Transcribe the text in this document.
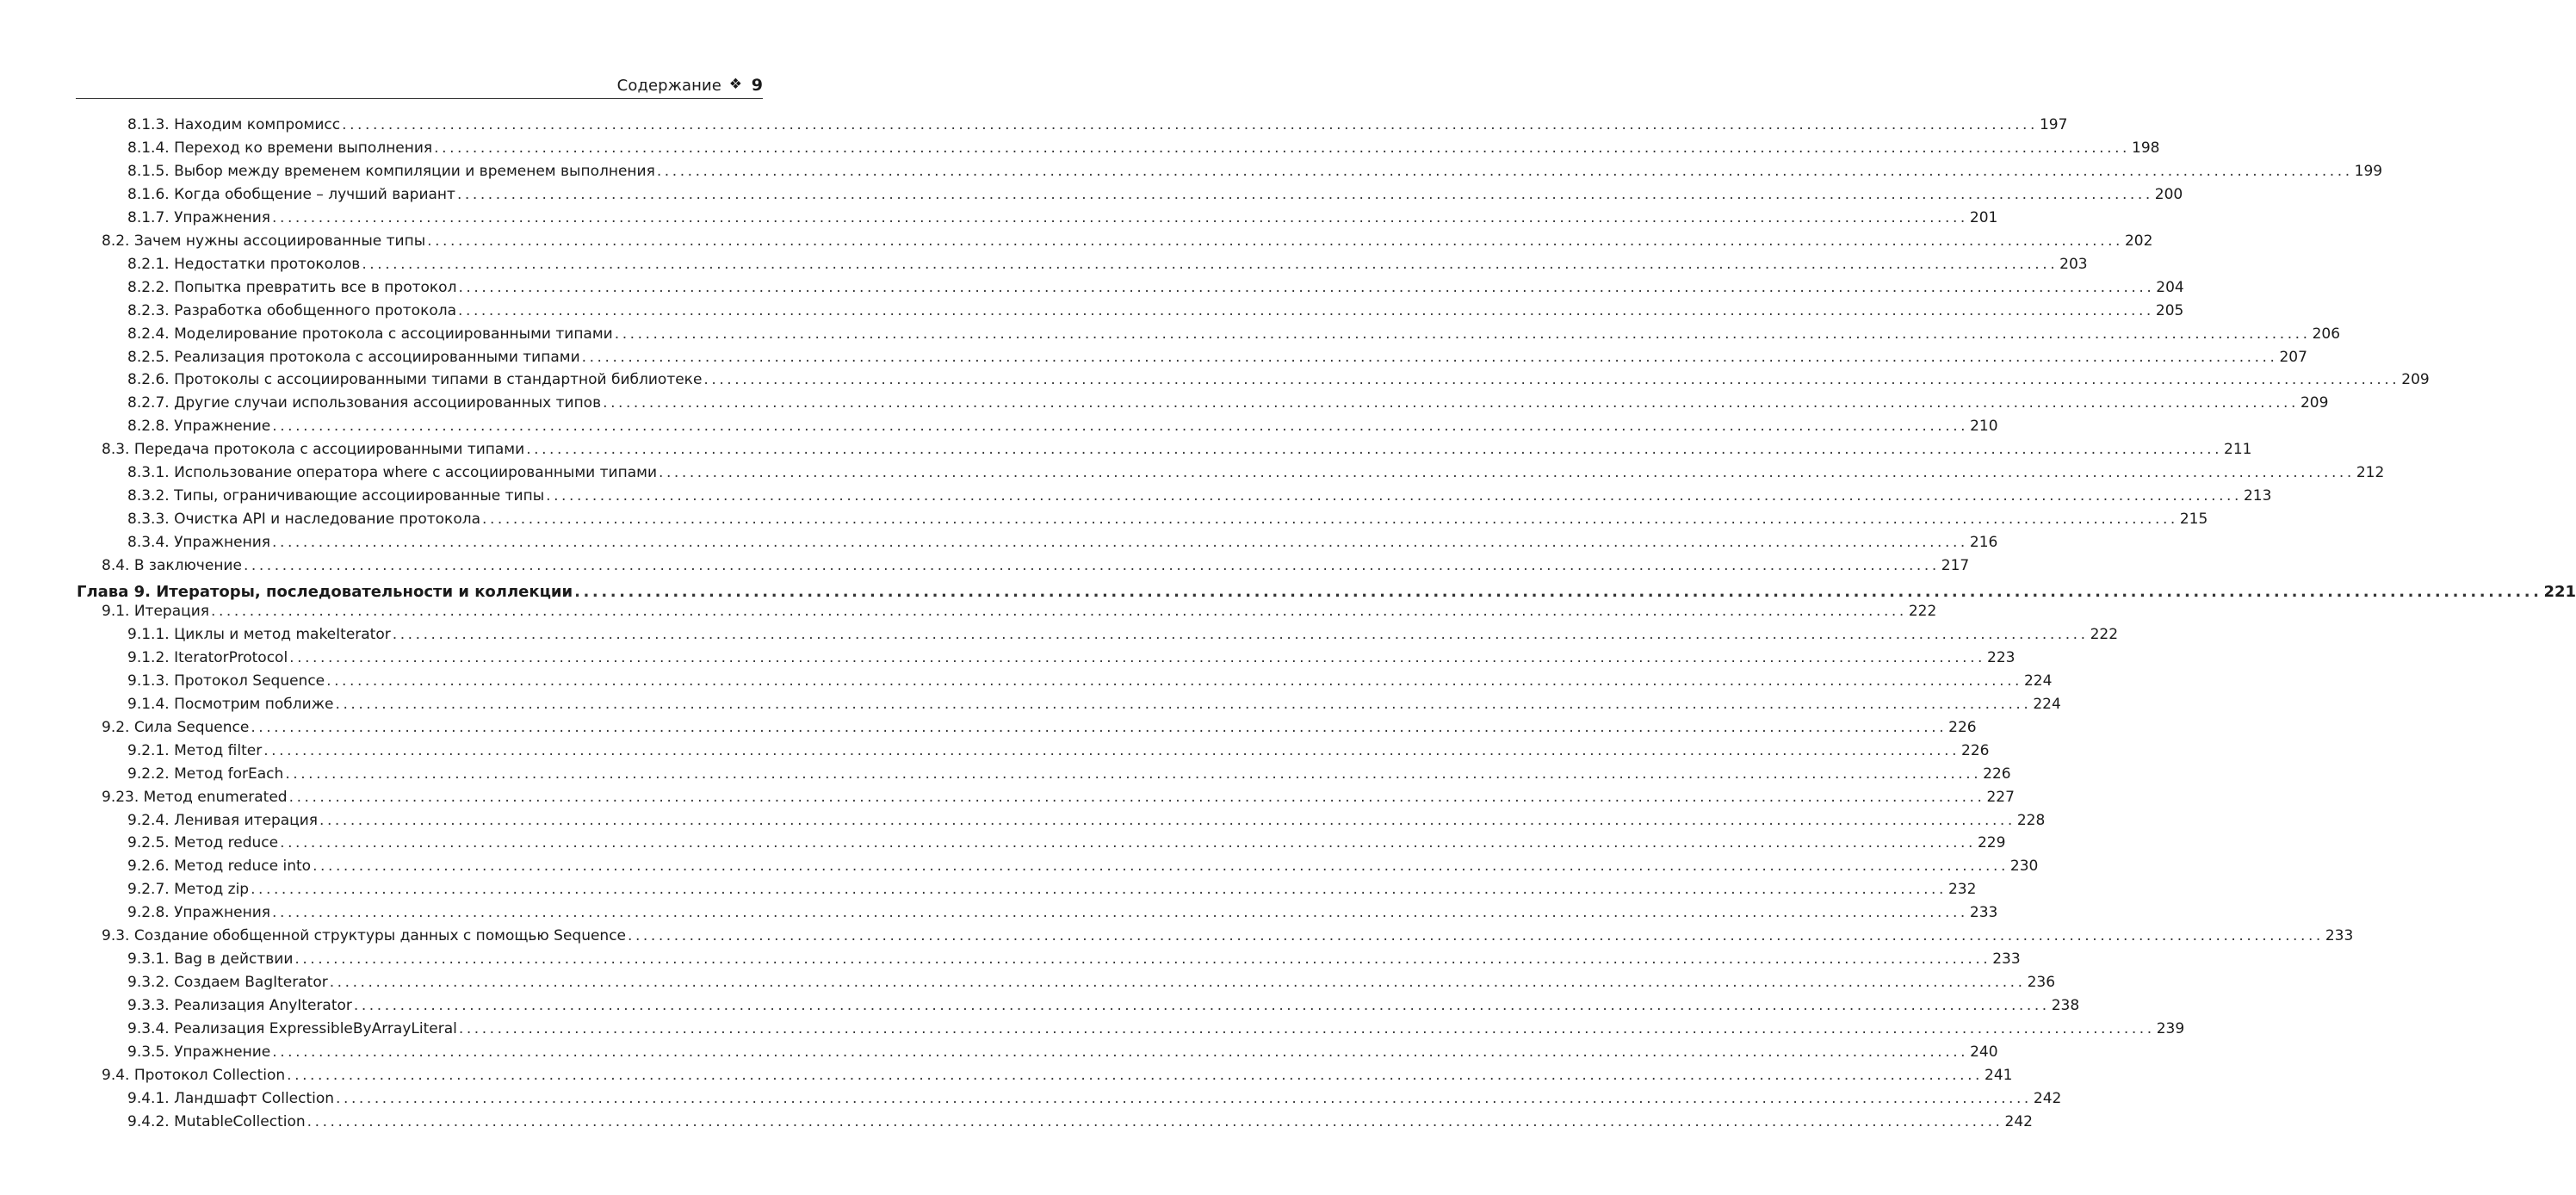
Содержание ❖ 9
8.1.3. Находим компромисс ............................................................................................................................................................................................................................ 197
8.1.4. Переход ко времени выполнения ............................................................................................................................................................................................................................ 198
8.1.5. Выбор между временем компиляции и временем выполнения ............................................................................................................................................................................................................................ 199
8.1.6. Когда обобщение – лучший вариант ............................................................................................................................................................................................................................ 200
8.1.7. Упражнения ............................................................................................................................................................................................................................ 201
8.2. Зачем нужны ассоциированные типы ............................................................................................................................................................................................................................ 202
8.2.1. Недостатки протоколов ............................................................................................................................................................................................................................ 203
8.2.2. Попытка превратить все в протокол ............................................................................................................................................................................................................................ 204
8.2.3. Разработка обобщенного протокола ............................................................................................................................................................................................................................ 205
8.2.4. Моделирование протокола с ассоциированными типами ............................................................................................................................................................................................................................ 206
8.2.5. Реализация протокола с ассоциированными типами ............................................................................................................................................................................................................................ 207
8.2.6. Протоколы с ассоциированными типами в стандартной библиотеке ............................................................................................................................................................................................................................ 209
8.2.7. Другие случаи использования ассоциированных типов ............................................................................................................................................................................................................................ 209
8.2.8. Упражнение ............................................................................................................................................................................................................................ 210
8.3. Передача протокола с ассоциированными типами ............................................................................................................................................................................................................................ 211
8.3.1. Использование оператора where с ассоциированными типами ............................................................................................................................................................................................................................ 212
8.3.2. Типы, ограничивающие ассоциированные типы ............................................................................................................................................................................................................................ 213
8.3.3. Очистка API и наследование протокола ............................................................................................................................................................................................................................ 215
8.3.4. Упражнения ............................................................................................................................................................................................................................ 216
8.4. В заключение ............................................................................................................................................................................................................................ 217
Глава 9. Итераторы, последовательности и коллекции ............................................................................................................................................................................................................................ 221
9.1. Итерация ............................................................................................................................................................................................................................ 222
9.1.1. Циклы и метод makeIterator ............................................................................................................................................................................................................................ 222
9.1.2. IteratorProtocol ............................................................................................................................................................................................................................ 223
9.1.3. Протокол Sequence ............................................................................................................................................................................................................................ 224
9.1.4. Посмотрим поближе ............................................................................................................................................................................................................................ 224
9.2. Сила Sequence ............................................................................................................................................................................................................................ 226
9.2.1. Метод filter ............................................................................................................................................................................................................................ 226
9.2.2. Метод forEach ............................................................................................................................................................................................................................ 226
9.23. Метод enumerated ............................................................................................................................................................................................................................ 227
9.2.4. Ленивая итерация ............................................................................................................................................................................................................................ 228
9.2.5. Метод reduce ............................................................................................................................................................................................................................ 229
9.2.6. Метод reduce into ............................................................................................................................................................................................................................ 230
9.2.7. Метод zip ............................................................................................................................................................................................................................ 232
9.2.8. Упражнения ............................................................................................................................................................................................................................ 233
9.3. Создание обобщенной структуры данных с помощью Sequence ............................................................................................................................................................................................................................ 233
9.3.1. Bag в действии ............................................................................................................................................................................................................................ 233
9.3.2. Создаем BagIterator ............................................................................................................................................................................................................................ 236
9.3.3. Реализация AnyIterator ............................................................................................................................................................................................................................ 238
9.3.4. Реализация ExpressibleByArrayLiteral ............................................................................................................................................................................................................................ 239
9.3.5. Упражнение ............................................................................................................................................................................................................................ 240
9.4. Протокол Collection ............................................................................................................................................................................................................................ 241
9.4.1. Ландшафт Collection ............................................................................................................................................................................................................................ 242
9.4.2. MutableCollection ............................................................................................................................................................................................................................ 242
